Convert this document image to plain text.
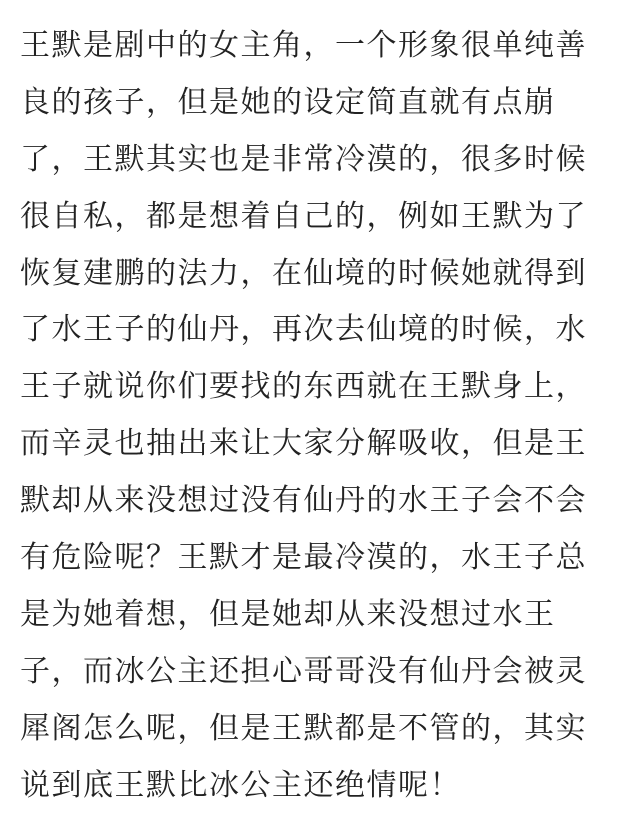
王默是剧中的女主角，一个形象很单纯善
良的孩子，但是她的设定简直就有点崩
了，王默其实也是非常冷漠的，很多时候
很自私，都是想着自己的，例如王默为了
恢复建鹏的法力，在仙境的时候她就得到
了水王子的仙丹，再次去仙境的时候，水
王子就说你们要找的东西就在王默身上，
而辛灵也抽出来让大家分解吸收，但是王
默却从来没想过没有仙丹的水王子会不会
有危险呢？王默才是最冷漠的，水王子总
是为她着想，但是她却从来没想过水王
子，而冰公主还担心哥哥没有仙丹会被灵
犀阁怎么呢，但是王默都是不管的，其实
说到底王默比冰公主还绝情呢！
